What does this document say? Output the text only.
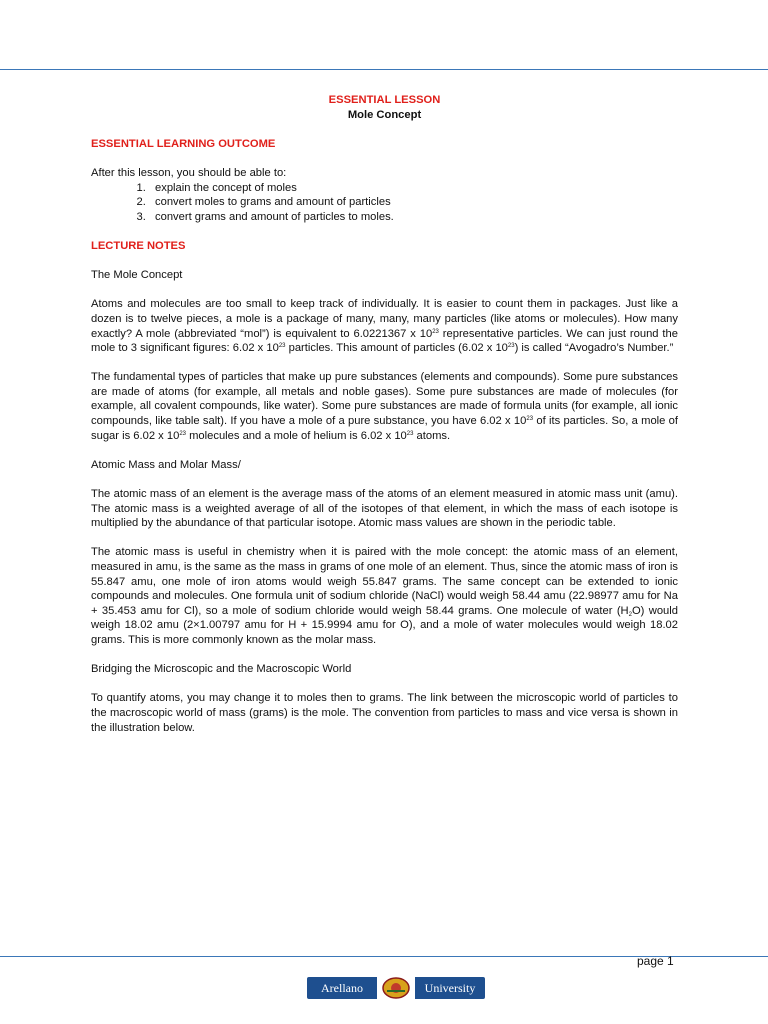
ESSENTIAL LESSON

Mole Concept

ESSENTIAL LEARNING OUTCOME

After this lesson, you should be able to:

1. explain the concept of moles
2. convert moles to grams and amount of particles
3. convert grams and amount of particles to moles.

LECTURE NOTES

The Mole Concept

Atoms and molecules are too small to keep track of individually. It is easier to count them in packages. Just like a dozen is to twelve pieces, a mole is a package of many, many, many particles (like atoms or molecules). How many exactly? A mole (abbreviated “mol”) is equivalent to 6.0221367 x $10^{23}$ representative particles. We can just round the mole to 3 significant figures: 6.02 x $10^{23}$ particles. This amount of particles (6.02 x $10^{23}$) is called “Avogadro’s Number.”

The fundamental types of particles that make up pure substances (elements and compounds). Some pure substances are made of atoms (for example, all metals and noble gases). Some pure substances are made of molecules (for example, all covalent compounds, like water). Some pure substances are made of formula units (for example, all ionic compounds, like table salt). If you have a mole of a pure substance, you have 6.02 x $10^{23}$ of its particles. So, a mole of sugar is 6.02 x $10^{23}$ molecules and a mole of helium is 6.02 x $10^{23}$ atoms.

Atomic Mass and Molar Mass/

The atomic mass of an element is the average mass of the atoms of an element measured in atomic mass unit (amu). The atomic mass is a weighted average of all of the isotopes of that element, in which the mass of each isotope is multiplied by the abundance of that particular isotope. Atomic mass values are shown in the periodic table.

The atomic mass is useful in chemistry when it is paired with the mole concept: the atomic mass of an element, measured in amu, is the same as the mass in grams of one mole of an element. Thus, since the atomic mass of iron is 55.847 amu, one mole of iron atoms would weigh 55.847 grams. The same concept can be extended to ionic compounds and molecules. One formula unit of sodium chloride (NaCl) would weigh 58.44 amu (22.98977 amu for Na + 35.453 amu for Cl), so a mole of sodium chloride would weigh 58.44 grams. One molecule of water $(H_2O)$ would weigh 18.02 amu (2×1.00797 amu for H + 15.9994 amu for O), and a mole of water molecules would weigh 18.02 grams. This is more commonly known as the molar mass.

Bridging the Microscopic and the Macroscopic World

To quantify atoms, you may change it to moles then to grams. The link between the microscopic world of particles to the macroscopic world of mass (grams) is the mole. The convention from particles to mass and vice versa is shown in the illustration below.

page 1
Arellano	University
